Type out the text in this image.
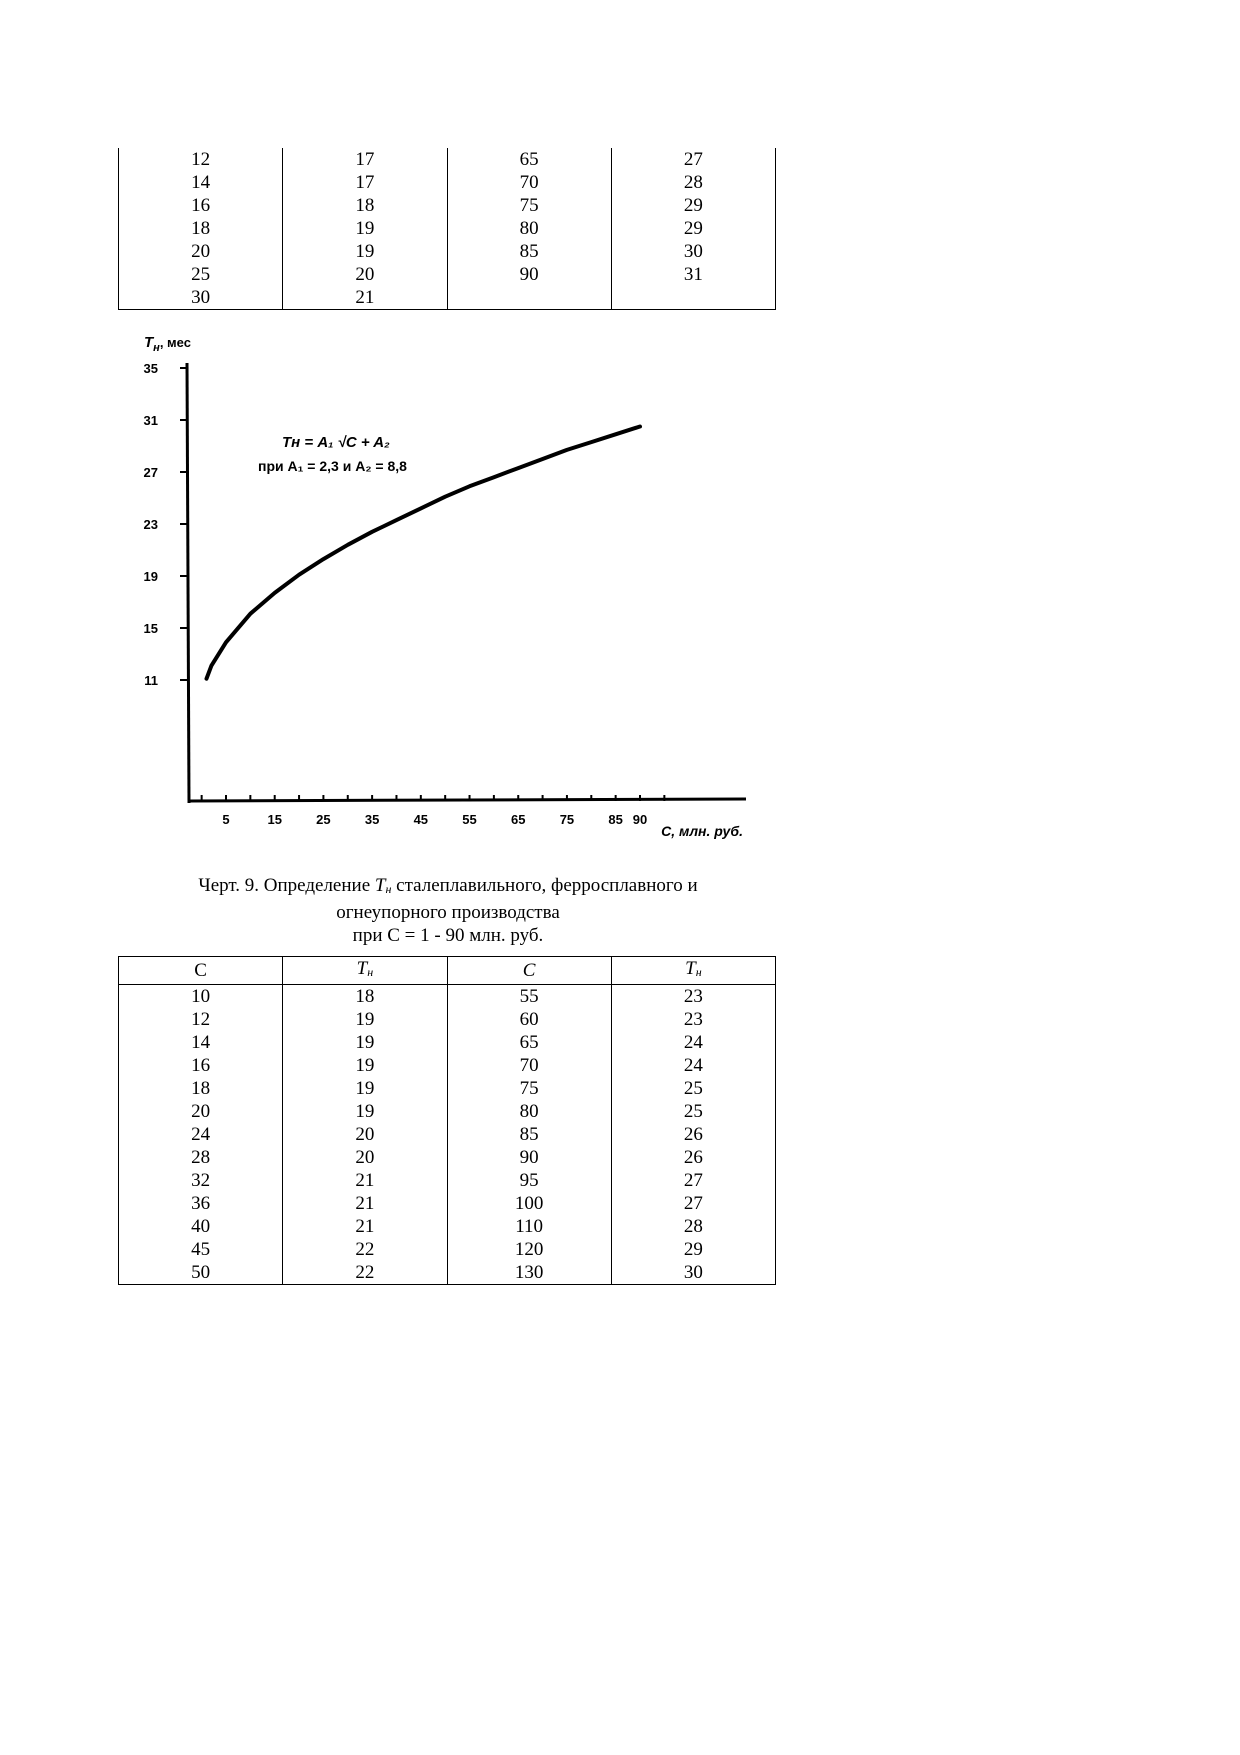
12	17	65	27
14	17	70	28
16	18	75	29
18	19	80	29
20	19	85	30
25	20	90	31
30	21		
$T_н$, мес
Tн = A₁ √C + A₂
при A₁ = 2,3 и A₂ = 8,8
C, млн. руб.
11
15
19
23
27
31
35
5	15	25	35	45	55	65	75	85 90
Черт. 9. Определение $T_н$ сталеплавильного, ферросплавного и
огнеупорного производства
при С = 1 - 90 млн. руб.
С	$T_н$	C	$T_н$
10	18	55	23
12	19	60	23
14	19	65	24
16	19	70	24
18	19	75	25
20	19	80	25
24	20	85	26
28	20	90	26
32	21	95	27
36	21	100	27
40	21	110	28
45	22	120	29
50	22	130	30
